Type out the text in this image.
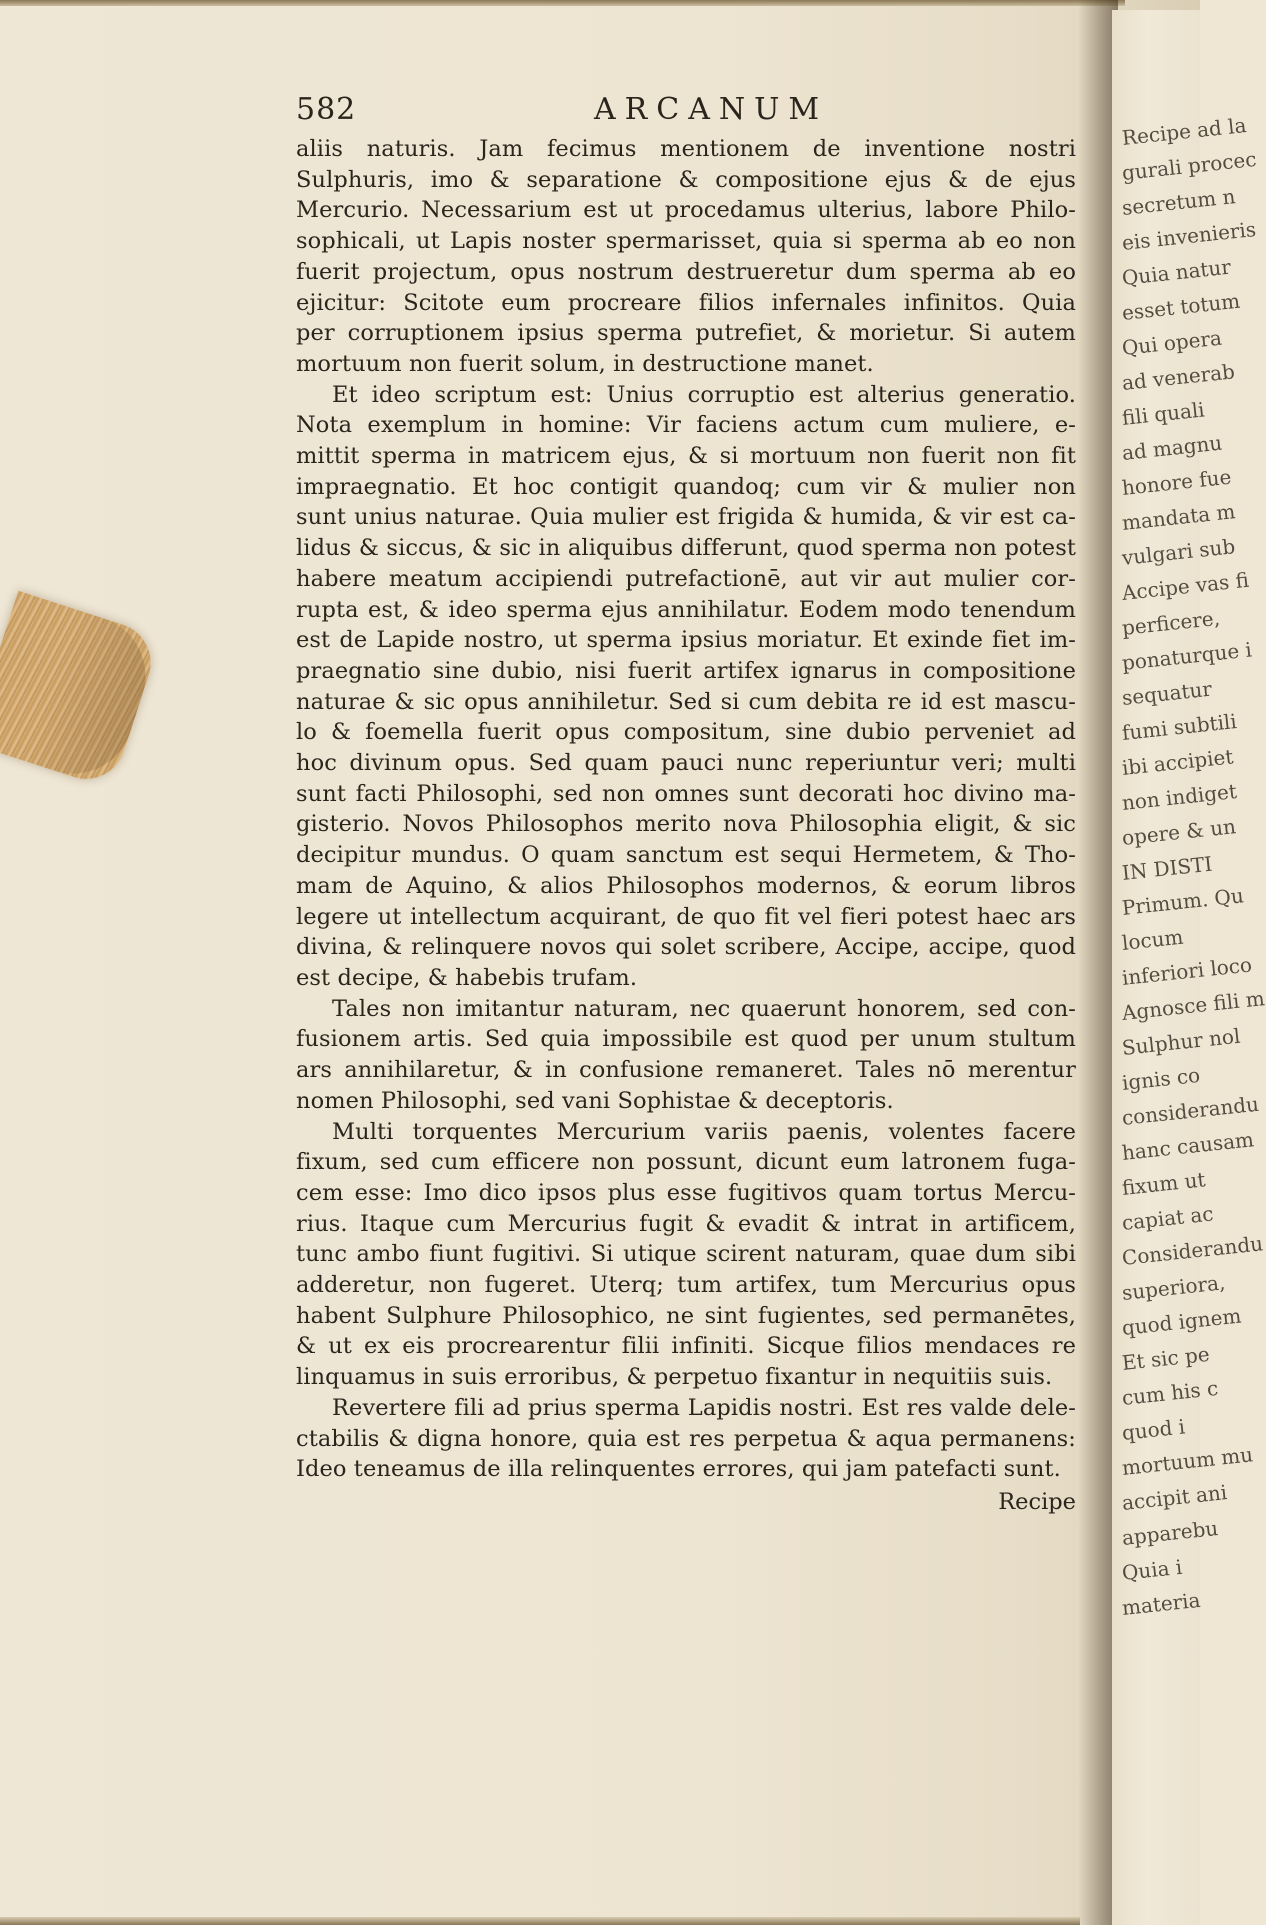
Recipe ad la
gurali procec
secretum n
eis invenieris
Quia natur
esset totum
Qui opera
ad venerab
fili quali
ad magnu
honore fue
mandata m
vulgari sub
Accipe vas fi
perficere,
ponaturque i
sequatur
fumi subtili
ibi accipiet
non indiget
opere & un
IN DISTI
Primum. Qu
locum
inferiori loco
Agnosce fili m
Sulphur nol
ignis co
considerandu
hanc causam
fixum ut
capiat ac
Considerandu
superiora,
quod ignem
Et sic pe
cum his c
quod i
mortuum mu
accipit ani
apparebu
Quia i
materia
582	ARCANUM
aliis naturis. Jam fecimus mentionem de inventione nostri
Sulphuris, imo & separatione & compositione ejus & de ejus
Mercurio. Necessarium est ut procedamus ulterius, labore Philo-
sophicali, ut Lapis noster spermarisset, quia si sperma ab eo non
fuerit projectum, opus nostrum destrueretur dum sperma ab eo
ejicitur: Scitote eum procreare filios infernales infinitos. Quia
per corruptionem ipsius sperma putrefiet, & morietur. Si autem
mortuum non fuerit solum, in destructione manet.
Et ideo scriptum est: Unius corruptio est alterius generatio.
Nota exemplum in homine: Vir faciens actum cum muliere, e-
mittit sperma in matricem ejus, & si mortuum non fuerit non fit
impraegnatio. Et hoc contigit quandoq; cum vir & mulier non
sunt unius naturae. Quia mulier est frigida & humida, & vir est ca-
lidus & siccus, & sic in aliquibus differunt, quod sperma non potest
habere meatum accipiendi putrefactionē, aut vir aut mulier cor-
rupta est, & ideo sperma ejus annihilatur. Eodem modo tenendum
est de Lapide nostro, ut sperma ipsius moriatur. Et exinde fiet im-
praegnatio sine dubio, nisi fuerit artifex ignarus in compositione
naturae & sic opus annihiletur. Sed si cum debita re id est mascu-
lo & foemella fuerit opus compositum, sine dubio perveniet ad
hoc divinum opus. Sed quam pauci nunc reperiuntur veri; multi
sunt facti Philosophi, sed non omnes sunt decorati hoc divino ma-
gisterio. Novos Philosophos merito nova Philosophia eligit, & sic
decipitur mundus. O quam sanctum est sequi Hermetem, & Tho-
mam de Aquino, & alios Philosophos modernos, & eorum libros
legere ut intellectum acquirant, de quo fit vel fieri potest haec ars
divina, & relinquere novos qui solet scribere, Accipe, accipe, quod
est decipe, & habebis trufam.
Tales non imitantur naturam, nec quaerunt honorem, sed con-
fusionem artis. Sed quia impossibile est quod per unum stultum
ars annihilaretur, & in confusione remaneret. Tales nō merentur
nomen Philosophi, sed vani Sophistae & deceptoris.
Multi torquentes Mercurium variis paenis, volentes facere
fixum, sed cum efficere non possunt, dicunt eum latronem fuga-
cem esse: Imo dico ipsos plus esse fugitivos quam tortus Mercu-
rius. Itaque cum Mercurius fugit & evadit & intrat in artificem,
tunc ambo fiunt fugitivi. Si utique scirent naturam, quae dum sibi
adderetur, non fugeret. Uterq; tum artifex, tum Mercurius opus
habent Sulphure Philosophico, ne sint fugientes, sed permanētes,
& ut ex eis procrearentur filii infiniti. Sicque filios mendaces re
linquamus in suis erroribus, & perpetuo fixantur in nequitiis suis.
Revertere fili ad prius sperma Lapidis nostri. Est res valde dele-
ctabilis & digna honore, quia est res perpetua & aqua permanens:
Ideo teneamus de illa relinquentes errores, qui jam patefacti sunt.
Recipe
